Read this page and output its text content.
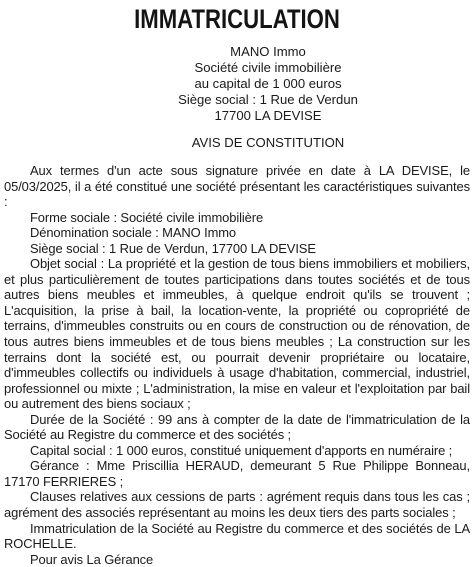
IMMATRICULATION
MANO Immo
Société civile immobilière
au capital de 1 000 euros
Siège social : 1 Rue de Verdun
17700 LA DEVISE
AVIS DE CONSTITUTION

Aux termes d'un acte sous signature privée en date à LA DEVISE, le 05/03/2025, il a été constitué une société présentant les caractéristiques suivantes :

Forme sociale : Société civile immobilière

Dénomination sociale : MANO Immo

Siège social : 1 Rue de Verdun, 17700 LA DEVISE

Objet social : La propriété et la gestion de tous biens immobiliers et mobiliers, et plus particulièrement de toutes participations dans toutes sociétés et de tous autres biens meubles et immeubles, à quelque endroit qu'ils se trouvent ; L'acquisition, la prise à bail, la location-vente, la propriété ou copropriété de terrains, d'immeubles construits ou en cours de construction ou de rénovation, de tous autres biens immeubles et de tous biens meubles ; La construction sur les terrains dont la société est, ou pourrait devenir propriétaire ou locataire, d'immeubles collectifs ou individuels à usage d'habitation, commercial, industriel, professionnel ou mixte ; L'administration, la mise en valeur et l'exploitation par bail ou autrement des biens sociaux ;

Durée de la Société : 99 ans à compter de la date de l'immatriculation de la Société au Registre du commerce et des sociétés ;

Capital social : 1 000 euros, constitué uniquement d'apports en numéraire ;

Gérance : Mme Priscillia HERAUD, demeurant 5 Rue Philippe Bonneau, 17170 FERRIERES ;

Clauses relatives aux cessions de parts : agrément requis dans tous les cas ; agrément des associés représentant au moins les deux tiers des parts sociales ;

Immatriculation de la Société au Registre du commerce et des sociétés de LA ROCHELLE.

Pour avis La Gérance
